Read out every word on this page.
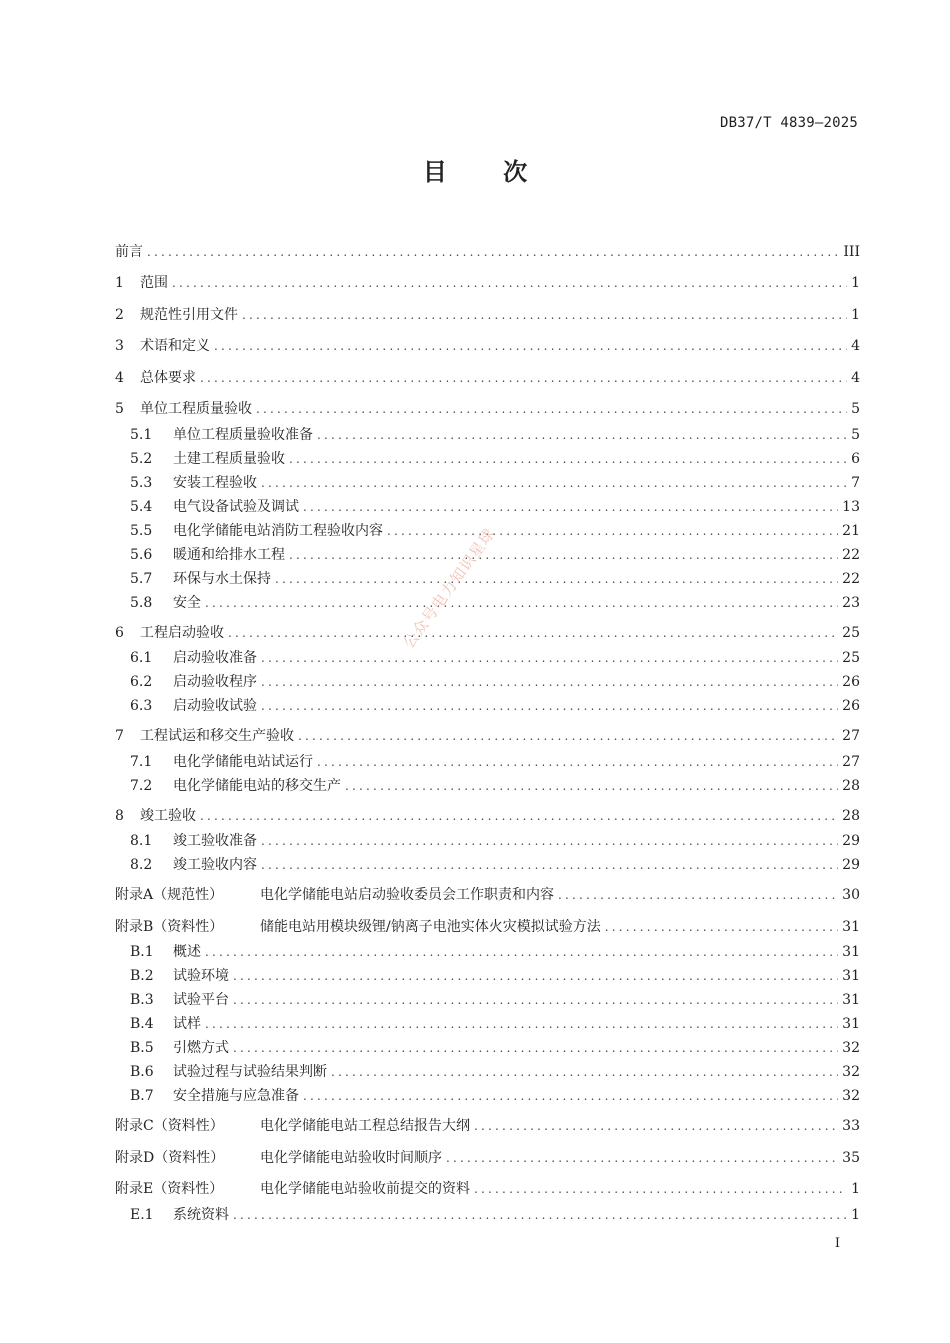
DB37/T 4839—2025
目 次
前言 .....	III
1	范围 .....	1
2	规范性引用文件 .....	1
3	术语和定义 .....	4
4	总体要求 .....	4
5	单位工程质量验收 .....	5
5.1	单位工程质量验收准备 .....	5
5.2	土建工程质量验收 .....	6
5.3	安装工程验收 .....	7
5.4	电气设备试验及调试 .....	13
5.5	电化学储能电站消防工程验收内容 .....	21
5.6	暖通和给排水工程 .....	22
5.7	环保与水土保持 .....	22
5.8	安全 .....	23
6	工程启动验收 .....	25
6.1	启动验收准备 .....	25
6.2	启动验收程序 .....	26
6.3	启动验收试验 .....	26
7	工程试运和移交生产验收 .....	27
7.1	电化学储能电站试运行 .....	27
7.2	电化学储能电站的移交生产 .....	28
8	竣工验收 .....	28
8.1	竣工验收准备 .....	29
8.2	竣工验收内容 .....	29
附录A（规范性）	电化学储能电站启动验收委员会工作职责和内容 .....	30
附录B（资料性）	储能电站用模块级锂/钠离子电池实体火灾模拟试验方法 .....	31
B.1	概述 .....	31
B.2	试验环境 .....	31
B.3	试验平台 .....	31
B.4	试样 .....	31
B.5	引燃方式 .....	32
B.6	试验过程与试验结果判断 .....	32
B.7	安全措施与应急准备 .....	32
附录C（资料性）	电化学储能电站工程总结报告大纲 .....	33
附录D（资料性）	电化学储能电站验收时间顺序 .....	35
附录E（资料性）	电化学储能电站验收前提交的资料 .....	1
E.1	系统资料 .....	1
公众号电力知识星球
I
